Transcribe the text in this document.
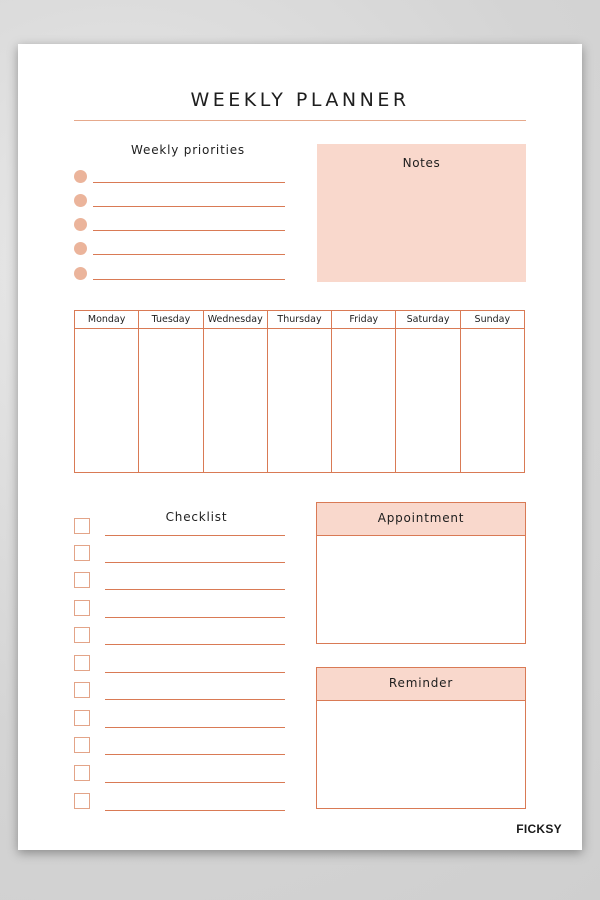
WEEKLY PLANNER
Weekly priorities
Notes
Monday	Tuesday	Wednesday	Thursday	Friday	Saturday	Sunday
Checklist	Appointment
Reminder
FICKSY
